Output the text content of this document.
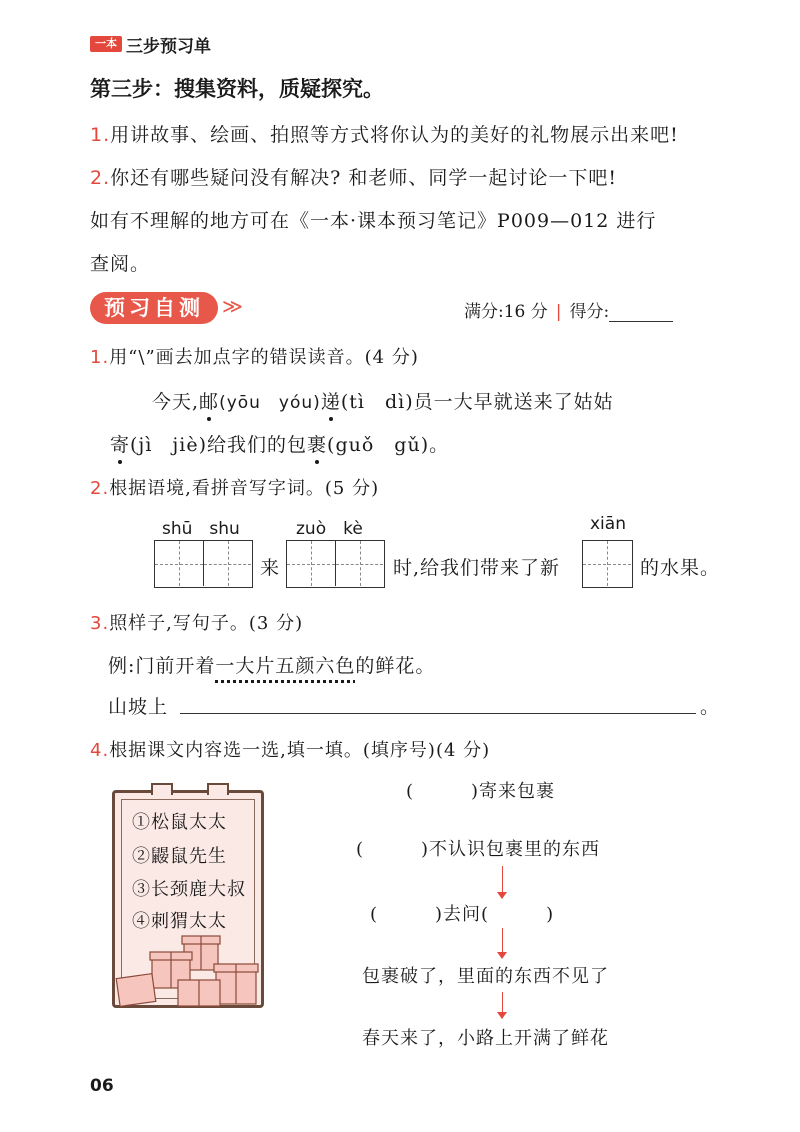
一本 三步预习单
第三步：搜集资料，质疑探究。
1.用讲故事、绘画、拍照等方式将你认为的美好的礼物展示出来吧!
2.你还有哪些疑问没有解决? 和老师、同学一起讨论一下吧!
如有不理解的地方可在《一本·课本预习笔记》P009—012 进行
查阅。
预习自测 ≫	满分:16 分 | 得分:
1.用“\”画去加点字的错误读音。(4 分)
今天,邮(yōu　yóu)递(tì　dì)员一大早就送来了姑姑
寄(jì　jiè)给我们的包裹(guǒ　gǔ)。
2.根据语境,看拼音写字词。(5 分)
shū　shu	zuò　kè	xiān
来	时,给我们带来了新	的水果。
3.照样子,写句子。(3 分)
例:门前开着一大片五颜六色的鲜花。
山坡上	。
4.根据课文内容选一选,填一填。(填序号)(4 分)
①松鼠太太
②鼹鼠先生
③长颈鹿大叔
④刺猬太太
(　　　)寄来包裹
(　　　)不认识包裹里的东西
(　　　)去问(　　　)
包裹破了，里面的东西不见了
春天来了，小路上开满了鲜花
06
